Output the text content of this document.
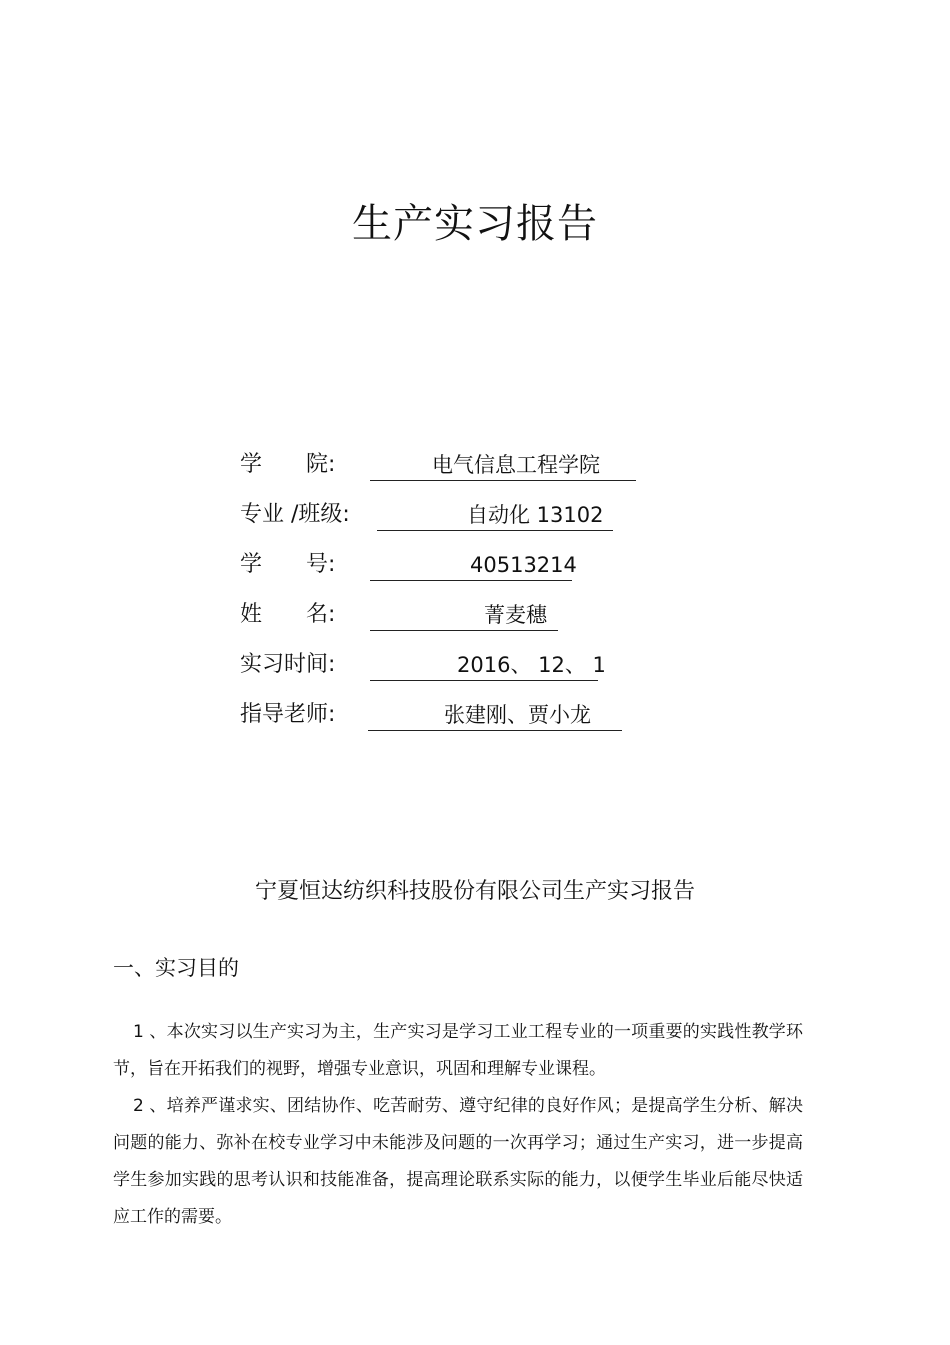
生产实习报告
学　　院:	电气信息工程学院
专业 /班级:	自动化 13102
学　　号:	40513214
姓　　名:	菁麦穗
实习时间:	2016、 12、 1
指导老师:	张建刚、贾小龙
宁夏恒达纺织科技股份有限公司生产实习报告
一、实习目的

1 、本次实习以生产实习为主，生产实习是学习工业工程专业的一项重要的实践性教学环节，旨在开拓我们的视野，增强专业意识，巩固和理解专业课程。

2 、培养严谨求实、团结协作、吃苦耐劳、遵守纪律的良好作风；是提高学生分析、解决问题的能力、弥补在校专业学习中未能涉及问题的一次再学习；通过生产实习，进一步提高学生参加实践的思考认识和技能准备，提高理论联系实际的能力，以便学生毕业后能尽快适应工作的需要。
